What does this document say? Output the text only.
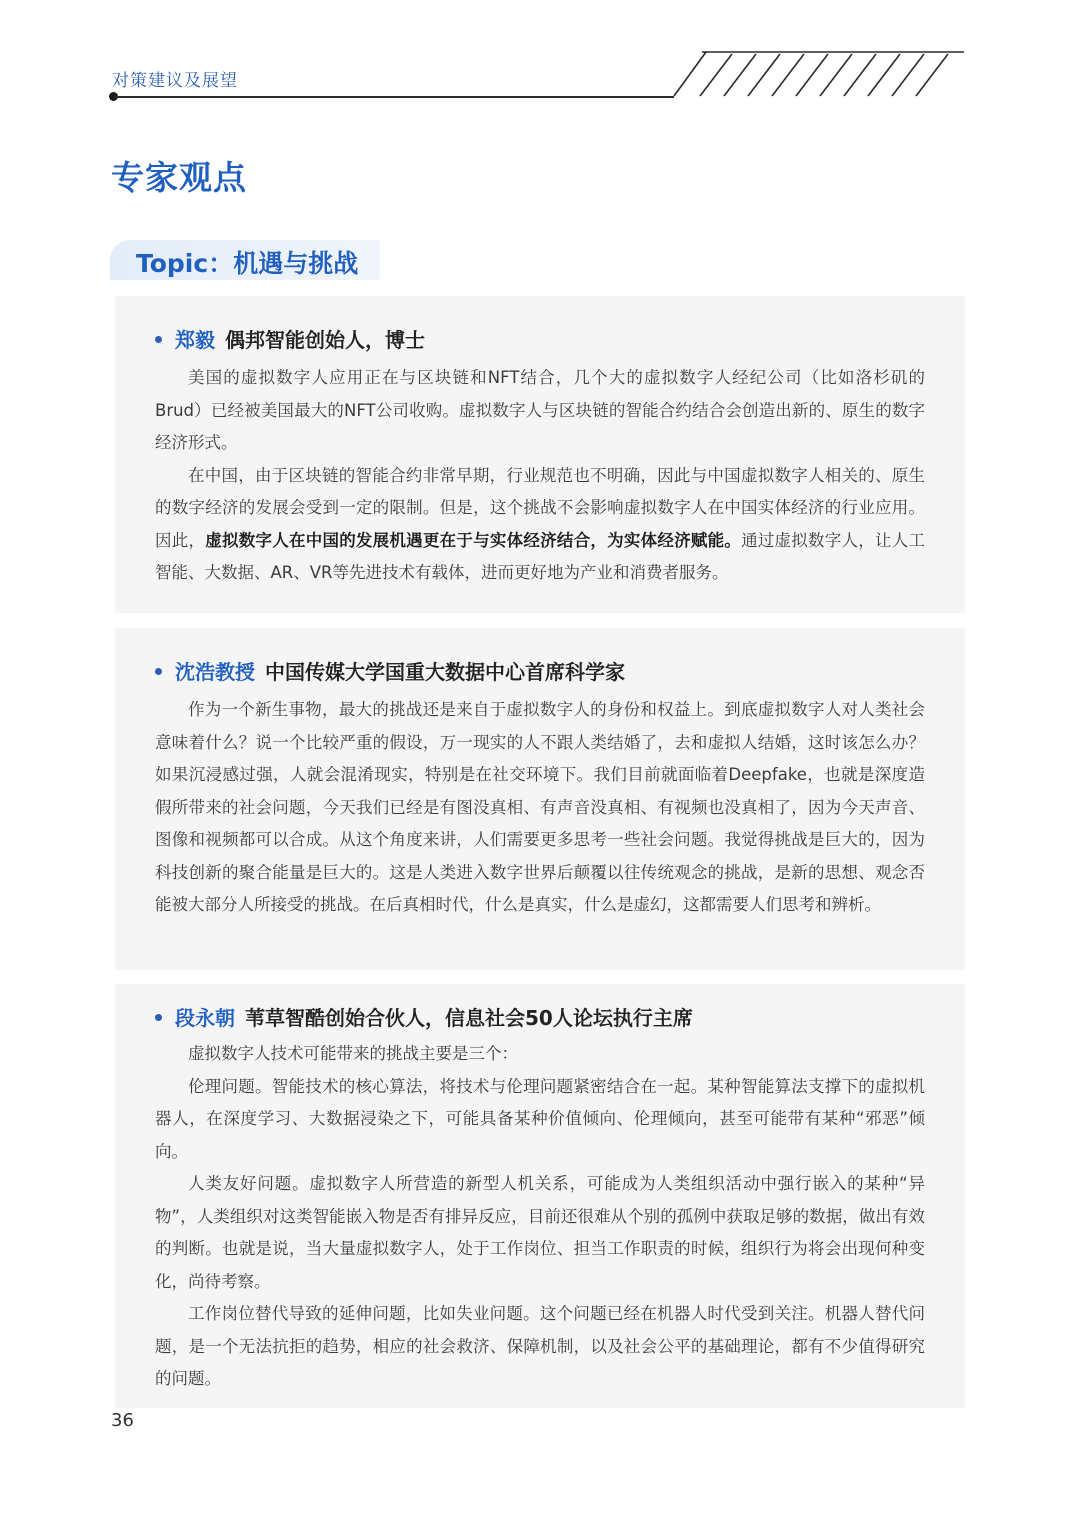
对策建议及展望
专家观点
Topic：机遇与挑战
郑毅 偶邦智能创始人，博士

美国的虚拟数字人应用正在与区块链和NFT结合，几个大的虚拟数字人经纪公司（比如洛杉矶的Brud）已经被美国最大的NFT公司收购。虚拟数字人与区块链的智能合约结合会创造出新的、原生的数字经济形式。

在中国，由于区块链的智能合约非常早期，行业规范也不明确，因此与中国虚拟数字人相关的、原生的数字经济的发展会受到一定的限制。但是，这个挑战不会影响虚拟数字人在中国实体经济的行业应用。因此，虚拟数字人在中国的发展机遇更在于与实体经济结合，为实体经济赋能。通过虚拟数字人，让人工智能、大数据、AR、VR等先进技术有载体，进而更好地为产业和消费者服务。

沈浩教授 中国传媒大学国重大数据中心首席科学家

作为一个新生事物，最大的挑战还是来自于虚拟数字人的身份和权益上。到底虚拟数字人对人类社会意味着什么？说一个比较严重的假设，万一现实的人不跟人类结婚了，去和虚拟人结婚，这时该怎么办？如果沉浸感过强，人就会混淆现实，特别是在社交环境下。我们目前就面临着Deepfake，也就是深度造假所带来的社会问题，今天我们已经是有图没真相、有声音没真相、有视频也没真相了，因为今天声音、图像和视频都可以合成。从这个角度来讲，人们需要更多思考一些社会问题。我觉得挑战是巨大的，因为科技创新的聚合能量是巨大的。这是人类进入数字世界后颠覆以往传统观念的挑战，是新的思想、观念否能被大部分人所接受的挑战。在后真相时代，什么是真实，什么是虚幻，这都需要人们思考和辨析。

段永朝 苇草智酷创始合伙人，信息社会50人论坛执行主席

虚拟数字人技术可能带来的挑战主要是三个：

伦理问题。智能技术的核心算法，将技术与伦理问题紧密结合在一起。某种智能算法支撑下的虚拟机器人，在深度学习、大数据浸染之下，可能具备某种价值倾向、伦理倾向，甚至可能带有某种“邪恶”倾向。

人类友好问题。虚拟数字人所营造的新型人机关系，可能成为人类组织活动中强行嵌入的某种“异物”，人类组织对这类智能嵌入物是否有排异反应，目前还很难从个别的孤例中获取足够的数据，做出有效的判断。也就是说，当大量虚拟数字人，处于工作岗位、担当工作职责的时候，组织行为将会出现何种变化，尚待考察。

工作岗位替代导致的延伸问题，比如失业问题。这个问题已经在机器人时代受到关注。机器人替代问题，是一个无法抗拒的趋势，相应的社会救济、保障机制，以及社会公平的基础理论，都有不少值得研究的问题。

36
